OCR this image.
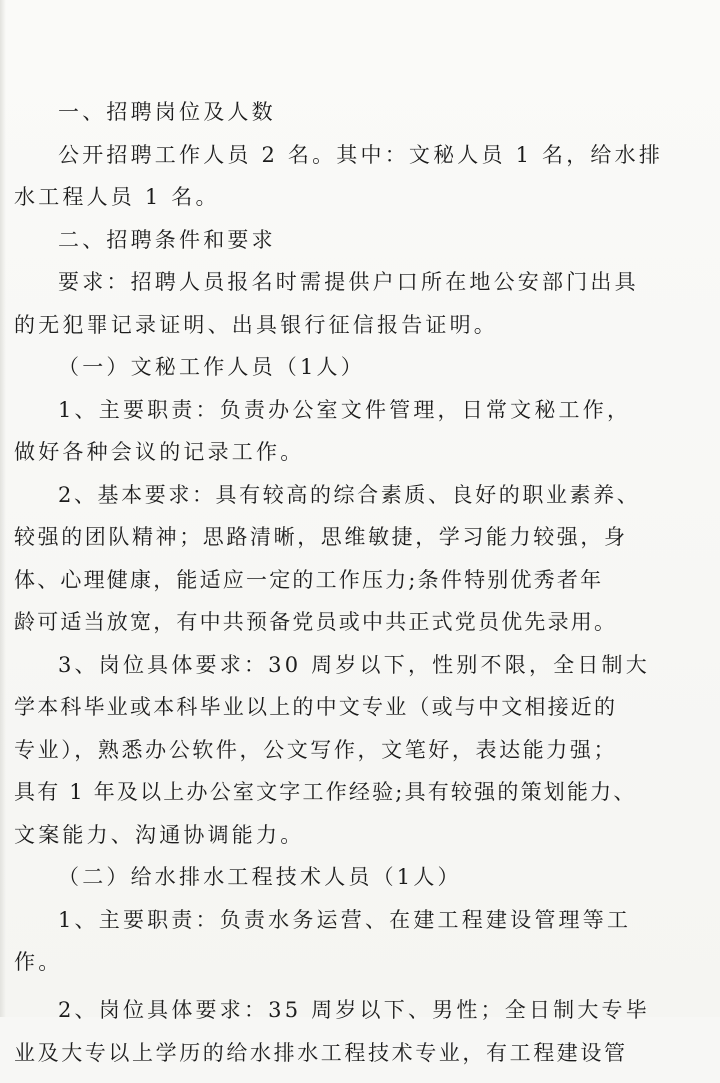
一、招聘岗位及人数
公开招聘工作人员 2 名。其中：文秘人员 1 名，给水排
水工程人员 1 名。
二、招聘条件和要求
要求：招聘人员报名时需提供户口所在地公安部门出具
的无犯罪记录证明、出具银行征信报告证明。
（一）文秘工作人员（1人）
1、主要职责：负责办公室文件管理，日常文秘工作，
做好各种会议的记录工作。
2、基本要求：具有较高的综合素质、良好的职业素养、
较强的团队精神；思路清晰，思维敏捷，学习能力较强，身
体、心理健康，能适应一定的工作压力;条件特别优秀者年
龄可适当放宽，有中共预备党员或中共正式党员优先录用。
3、岗位具体要求：30 周岁以下，性别不限，全日制大
学本科毕业或本科毕业以上的中文专业（或与中文相接近的
专业），熟悉办公软件，公文写作，文笔好，表达能力强；
具有 1 年及以上办公室文字工作经验;具有较强的策划能力、
文案能力、沟通协调能力。
（二）给水排水工程技术人员（1人）
1、主要职责：负责水务运营、在建工程建设管理等工
作。
2、岗位具体要求：35 周岁以下、男性；全日制大专毕
业及大专以上学历的给水排水工程技术专业，有工程建设管
